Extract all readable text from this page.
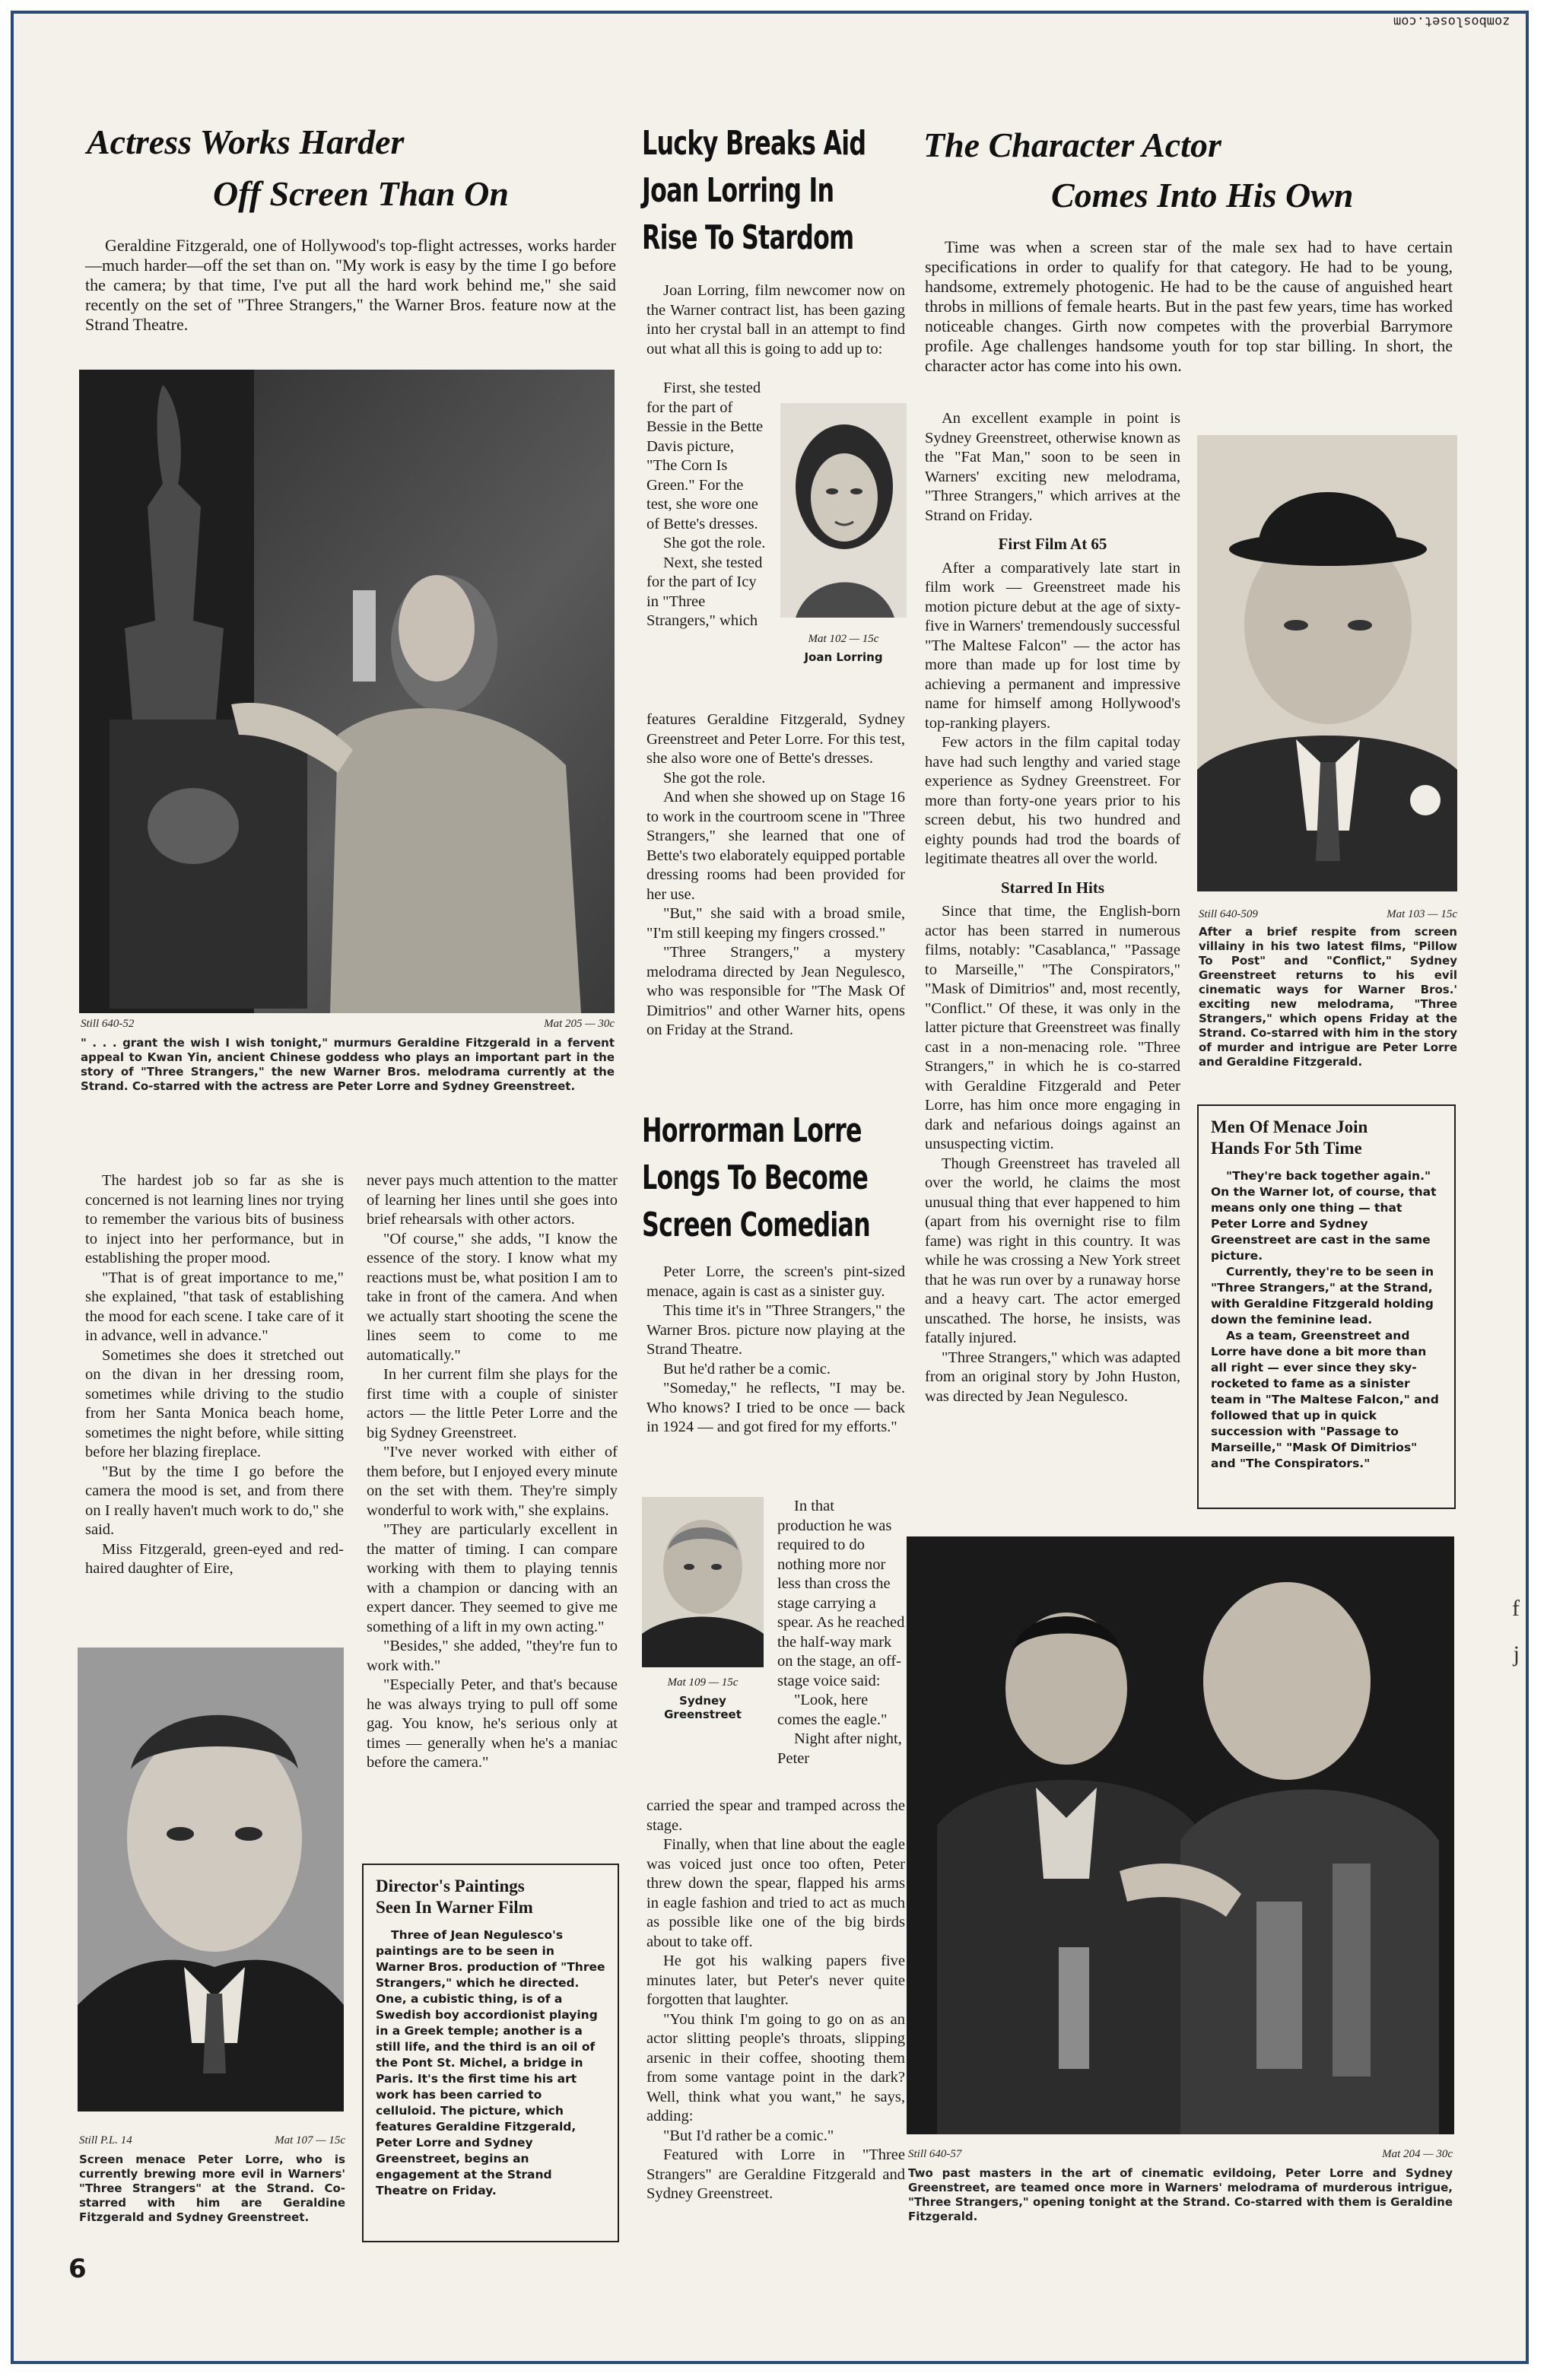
zombosloset.com
Actress Works Harder
Off Screen Than On

Geraldine Fitzgerald, one of Hollywood's top-flight actresses, works harder—much harder—off the set than on. "My work is easy by the time I go before the camera; by that time, I've put all the hard work behind me," she said recently on the set of "Three Strangers," the Warner Bros. feature now at the Strand Theatre.

Still 640-52	Mat 205 — 30c
" . . . grant the wish I wish tonight," murmurs Geraldine Fitzgerald in a fervent appeal to Kwan Yin, ancient Chinese goddess who plays an important part in the story of "Three Strangers," the new Warner Bros. melodrama currently at the Strand. Co-starred with the actress are Peter Lorre and Sydney Greenstreet.

The hardest job so far as she is concerned is not learning lines nor trying to remember the various bits of business to inject into her performance, but in establishing the proper mood.

"That is of great importance to me," she explained, "that task of establishing the mood for each scene. I take care of it in advance, well in advance."

Sometimes she does it stretched out on the divan in her dressing room, sometimes while driving to the studio from her Santa Monica beach home, sometimes the night before, while sitting before her blazing fireplace.

"But by the time I go before the camera the mood is set, and from there on I really haven't much work to do," she said.

Miss Fitzgerald, green-eyed and red-haired daughter of Eire,

never pays much attention to the matter of learning her lines until she goes into brief rehearsals with other actors.

"Of course," she adds, "I know the essence of the story. I know what my reactions must be, what position I am to take in front of the camera. And when we actually start shooting the scene the lines seem to come to me automatically."

In her current film she plays for the first time with a couple of sinister actors — the little Peter Lorre and the big Sydney Greenstreet.

"I've never worked with either of them before, but I enjoyed every minute on the set with them. They're simply wonderful to work with," she explains.

"They are particularly excellent in the matter of timing. I can compare working with them to playing tennis with a champion or dancing with an expert dancer. They seemed to give me something of a lift in my own acting."

"Besides," she added, "they're fun to work with."

"Especially Peter, and that's because he was always trying to pull off some gag. You know, he's serious only at times — generally when he's a maniac before the camera."

Still P.L. 14	Mat 107 — 15c
Screen menace Peter Lorre, who is currently brewing more evil in Warners' "Three Strangers" at the Strand. Co-starred with him are Geraldine Fitzgerald and Sydney Greenstreet.
Director's Paintings
Seen In Warner Film

Three of Jean Negulesco's paintings are to be seen in Warner Bros. production of "Three Strangers," which he directed. One, a cubistic thing, is of a Swedish boy accordionist playing in a Greek temple; another is a still life, and the third is an oil of the Pont St. Michel, a bridge in Paris. It's the first time his art work has been carried to celluloid. The picture, which features Geraldine Fitzgerald, Peter Lorre and Sydney Greenstreet, begins an engagement at the Strand Theatre on Friday.

Lucky Breaks Aid
Joan Lorring In
Rise To Stardom

Joan Lorring, film newcomer now on the Warner contract list, has been gazing into her crystal ball in an attempt to find out what all this is going to add up to:

First, she tested for the part of Bessie in the Bette Davis picture, "The Corn Is Green." For the test, she wore one of Bette's dresses.

She got the role.

Next, she tested for the part of Icy in "Three Strangers," which

Mat 102 — 15c
Joan Lorring

features Geraldine Fitzgerald, Sydney Greenstreet and Peter Lorre. For this test, she also wore one of Bette's dresses.

She got the role.

And when she showed up on Stage 16 to work in the courtroom scene in "Three Strangers," she learned that one of Bette's two elaborately equipped portable dressing rooms had been provided for her use.

"But," she said with a broad smile, "I'm still keeping my fingers crossed."

"Three Strangers," a mystery melodrama directed by Jean Negulesco, who was responsible for "The Mask Of Dimitrios" and other Warner hits, opens on Friday at the Strand.

Horrorman Lorre
Longs To Become
Screen Comedian

Peter Lorre, the screen's pint-sized menace, again is cast as a sinister guy.

This time it's in "Three Strangers," the Warner Bros. picture now playing at the Strand Theatre.

But he'd rather be a comic.

"Someday," he reflects, "I may be. Who knows? I tried to be once — back in 1924 — and got fired for my efforts."

Mat 109 — 15c
Sydney
Greenstreet

In that production he was required to do nothing more nor less than cross the stage carrying a spear. As he reached the half-way mark on the stage, an off-stage voice said:

"Look, here comes the eagle."

Night after night, Peter

carried the spear and tramped across the stage.

Finally, when that line about the eagle was voiced just once too often, Peter threw down the spear, flapped his arms in eagle fashion and tried to act as much as possible like one of the big birds about to take off.

He got his walking papers five minutes later, but Peter's never quite forgotten that laughter.

"You think I'm going to go on as an actor slitting people's throats, slipping arsenic in their coffee, shooting them from some vantage point in the dark? Well, think what you want," he says, adding:

"But I'd rather be a comic."

Featured with Lorre in "Three Strangers" are Geraldine Fitzgerald and Sydney Greenstreet.

The Character Actor
Comes Into His Own

Time was when a screen star of the male sex had to have certain specifications in order to qualify for that category. He had to be young, handsome, extremely photogenic. He had to be the cause of anguished heart throbs in millions of female hearts. But in the past few years, time has worked noticeable changes. Girth now competes with the proverbial Barrymore profile. Age challenges handsome youth for top star billing. In short, the character actor has come into his own.

An excellent example in point is Sydney Greenstreet, otherwise known as the "Fat Man," soon to be seen in Warners' exciting new melodrama, "Three Strangers," which arrives at the Strand on Friday.

First Film At 65

After a comparatively late start in film work — Greenstreet made his motion picture debut at the age of sixty-five in Warners' tremendously successful "The Maltese Falcon" — the actor has more than made up for lost time by achieving a permanent and impressive name for himself among Hollywood's top-ranking players.

Few actors in the film capital today have had such lengthy and varied stage experience as Sydney Greenstreet. For more than forty-one years prior to his screen debut, his two hundred and eighty pounds had trod the boards of legitimate theatres all over the world.

Starred In Hits

Since that time, the English-born actor has been starred in numerous films, notably: "Casablanca," "Passage to Marseille," "The Conspirators," "Mask of Dimitrios" and, most recently, "Conflict." Of these, it was only in the latter picture that Greenstreet was finally cast in a non-menacing role. "Three Strangers," in which he is co-starred with Geraldine Fitzgerald and Peter Lorre, has him once more engaging in dark and nefarious doings against an unsuspecting victim.

Though Greenstreet has traveled all over the world, he claims the most unusual thing that ever happened to him (apart from his overnight rise to film fame) was right in this country. It was while he was crossing a New York street that he was run over by a runaway horse and a heavy cart. The actor emerged unscathed. The horse, he insists, was fatally injured.

"Three Strangers," which was adapted from an original story by John Huston, was directed by Jean Negulesco.

Still 640-509	Mat 103 — 15c
After a brief respite from screen villainy in his two latest films, "Pillow To Post" and "Conflict," Sydney Greenstreet returns to his evil cinematic ways for Warner Bros.' exciting new melodrama, "Three Strangers," which opens Friday at the Strand. Co-starred with him in the story of murder and intrigue are Peter Lorre and Geraldine Fitzgerald.
Men Of Menace Join
Hands For 5th Time

"They're back together again." On the Warner lot, of course, that means only one thing — that Peter Lorre and Sydney Greenstreet are cast in the same picture.

Currently, they're to be seen in "Three Strangers," at the Strand, with Geraldine Fitzgerald holding down the feminine lead.

As a team, Greenstreet and Lorre have done a bit more than all right — ever since they sky-rocketed to fame as a sinister team in "The Maltese Falcon," and followed that up in quick succession with "Passage to Marseille," "Mask Of Dimitrios" and "The Conspirators."

Still 640-57	Mat 204 — 30c
Two past masters in the art of cinematic evildoing, Peter Lorre and Sydney Greenstreet, are teamed once more in Warners' melodrama of murderous intrigue, "Three Strangers," opening tonight at the Strand. Co-starred with them is Geraldine Fitzgerald.
f
j
6
